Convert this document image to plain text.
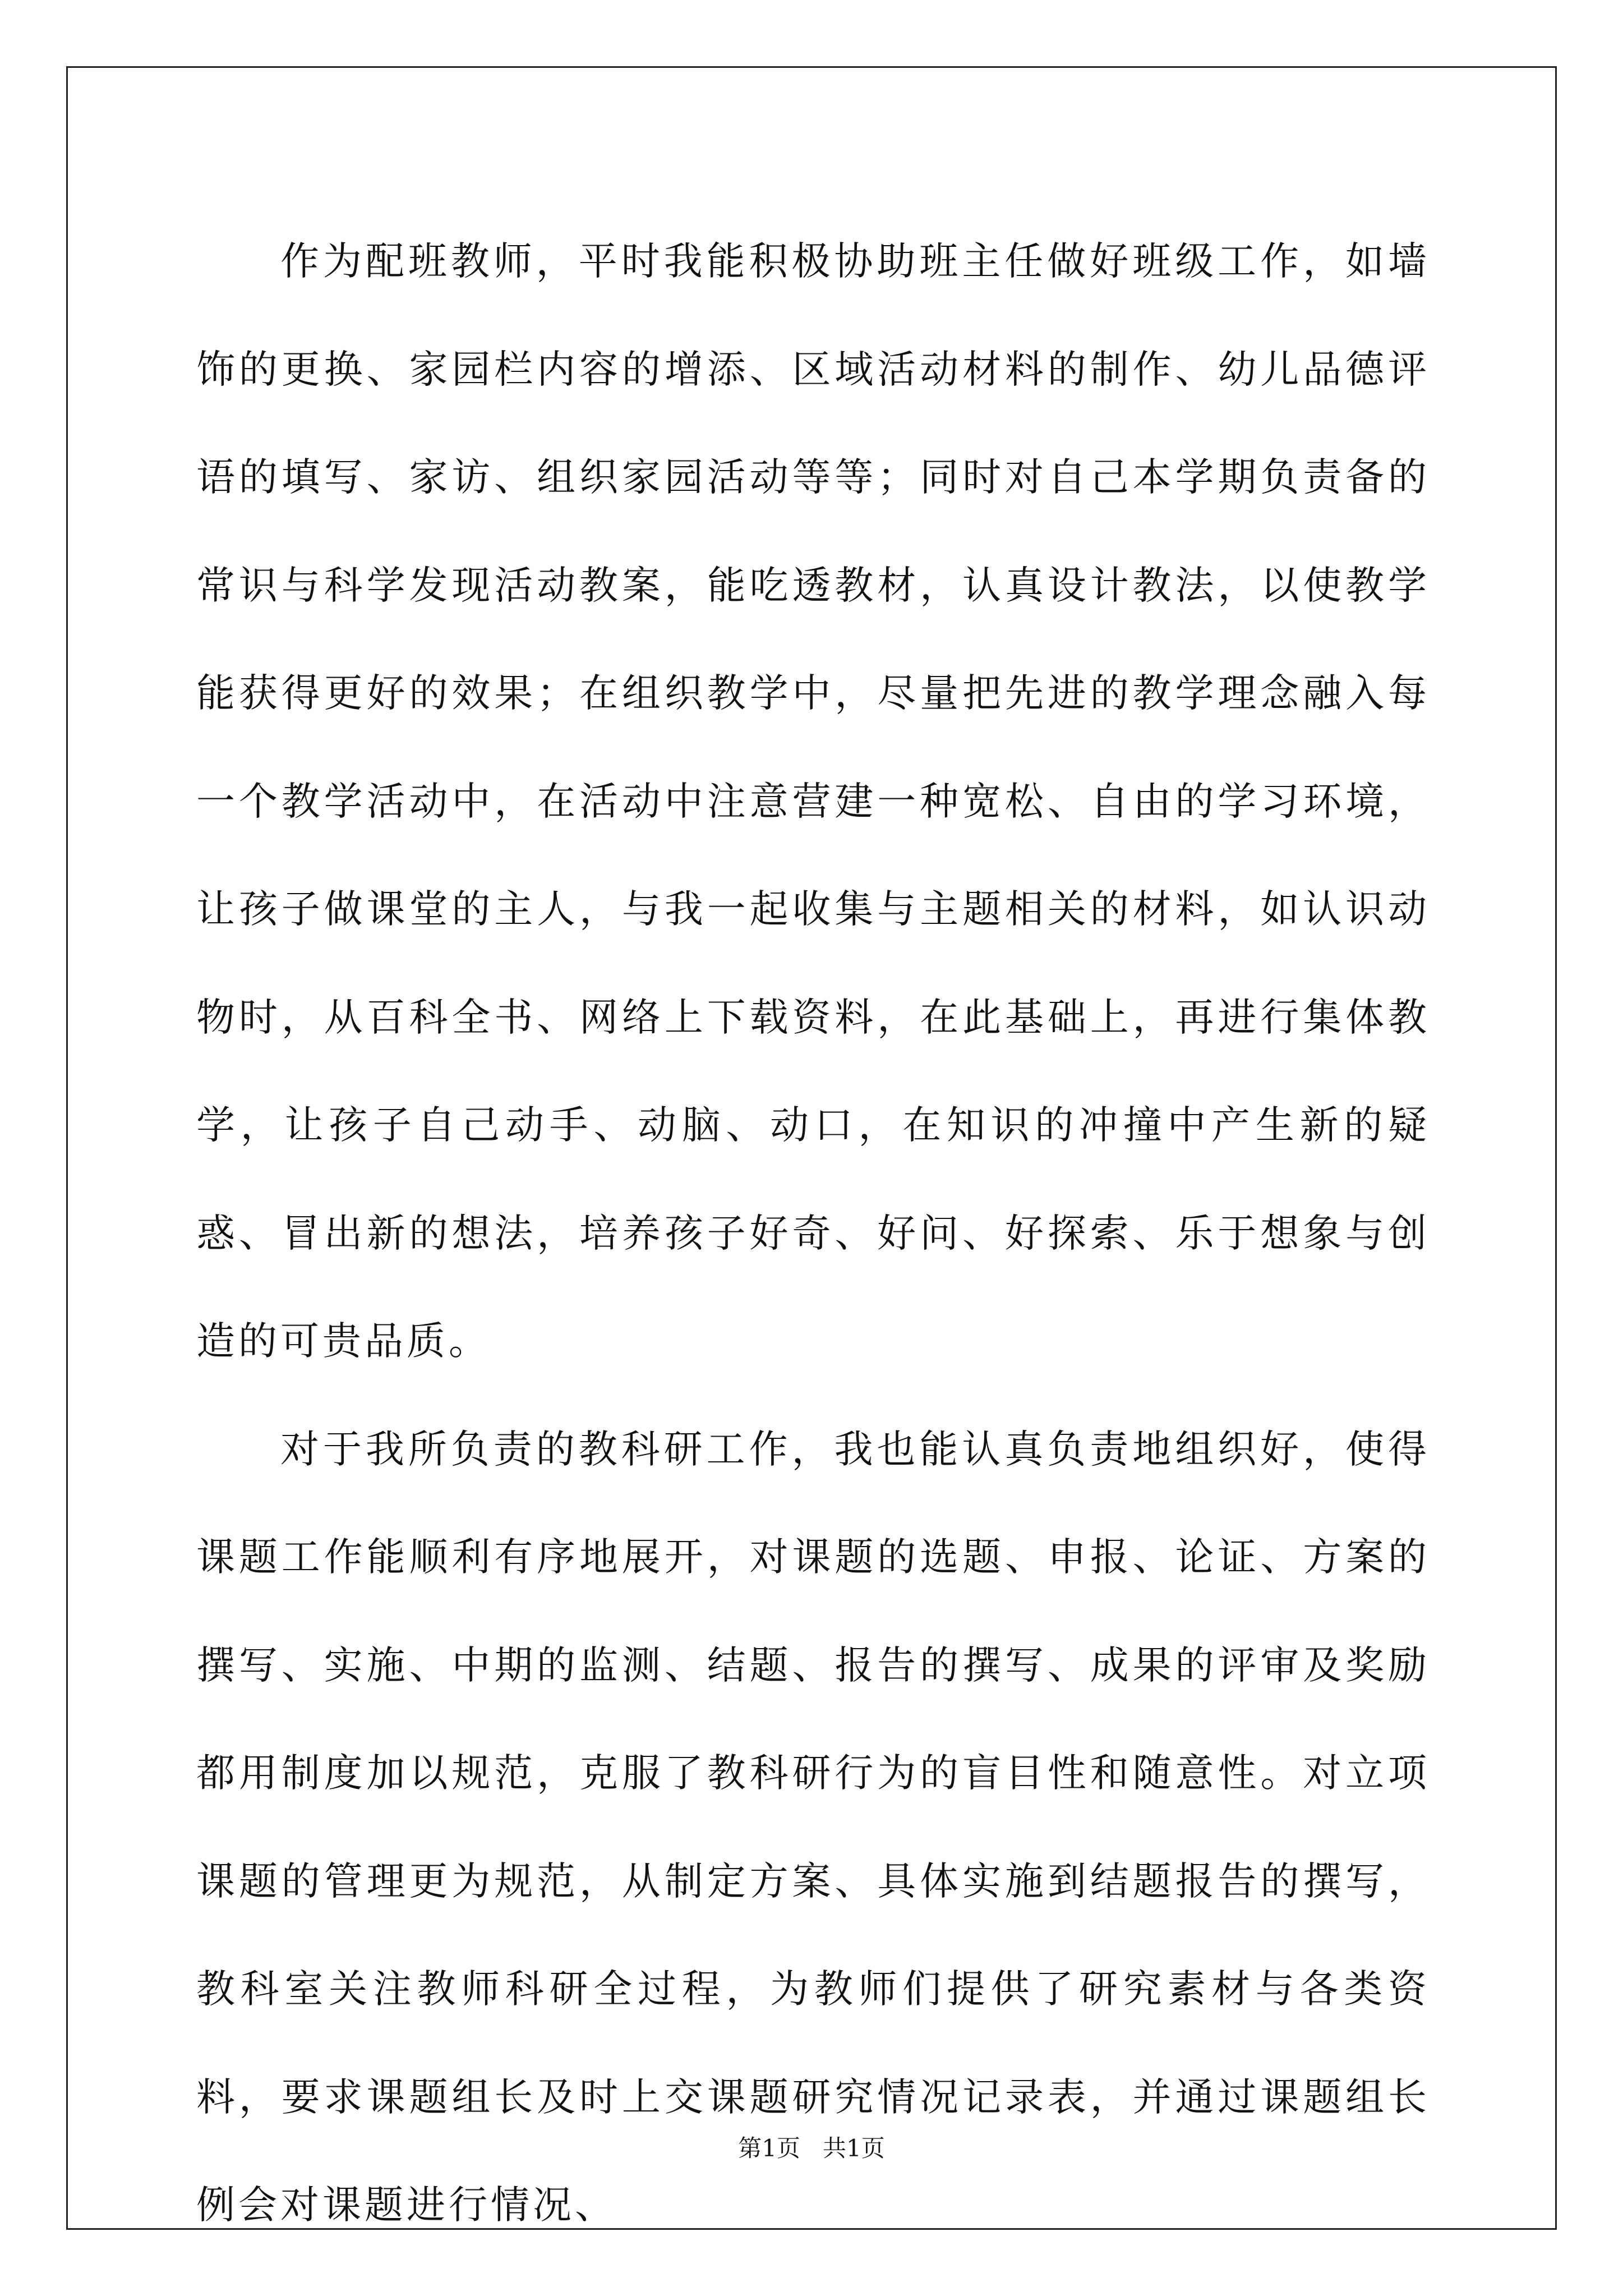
作为配班教师，平时我能积极协助班主任做好班级工作，如墙饰的更换、家园栏内容的增添、区域活动材料的制作、幼儿品德评语的填写、家访、组织家园活动等等；同时对自己本学期负责备的常识与科学发现活动教案，能吃透教材，认真设计教法，以使教学能获得更好的效果；在组织教学中，尽量把先进的教学理念融入每一个教学活动中，在活动中注意营建一种宽松、自由的学习环境，让孩子做课堂的主人，与我一起收集与主题相关的材料，如认识动物时，从百科全书、网络上下载资料，在此基础上，再进行集体教学，让孩子自己动手、动脑、动口，在知识的冲撞中产生新的疑惑、冒出新的想法，培养孩子好奇、好问、好探索、乐于想象与创造的可贵品质。

对于我所负责的教科研工作，我也能认真负责地组织好，使得课题工作能顺利有序地展开，对课题的选题、申报、论证、方案的撰写、实施、中期的监测、结题、报告的撰写、成果的评审及奖励都用制度加以规范，克服了教科研行为的盲目性和随意性。对立项课题的管理更为规范，从制定方案、具体实施到结题报告的撰写，教科室关注教师科研全过程，为教师们提供了研究素材与各类资料，要求课题组长及时上交课题研究情况记录表，并通过课题组长例会对课题进行情况、

第1页   共1页
